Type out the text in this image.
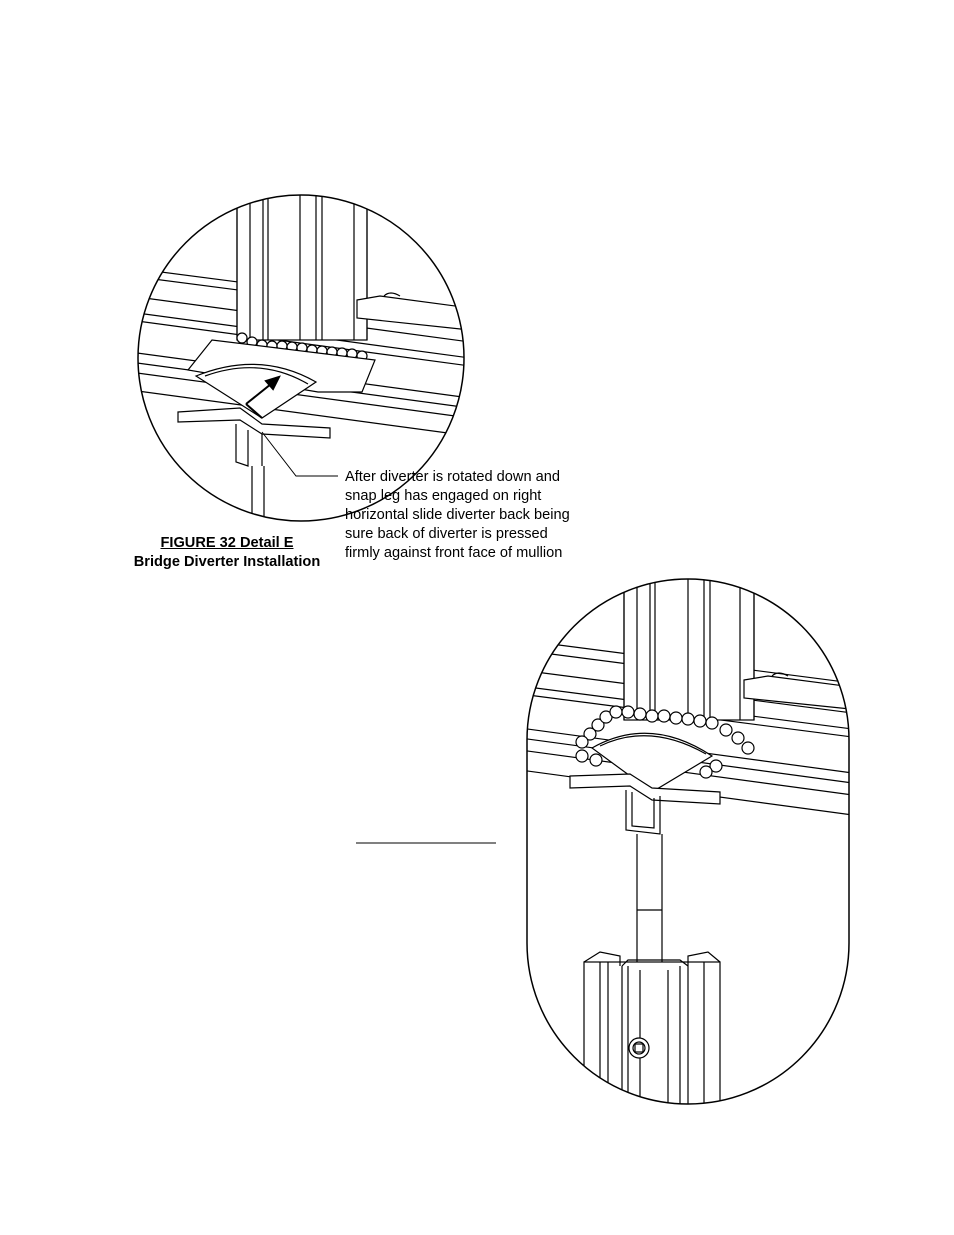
After diverter is rotated down and
snap leg has engaged on right
horizontal slide diverter back being
sure back of diverter is pressed
firmly against front face of mullion
FIGURE 32 Detail E
Bridge Diverter Installation
